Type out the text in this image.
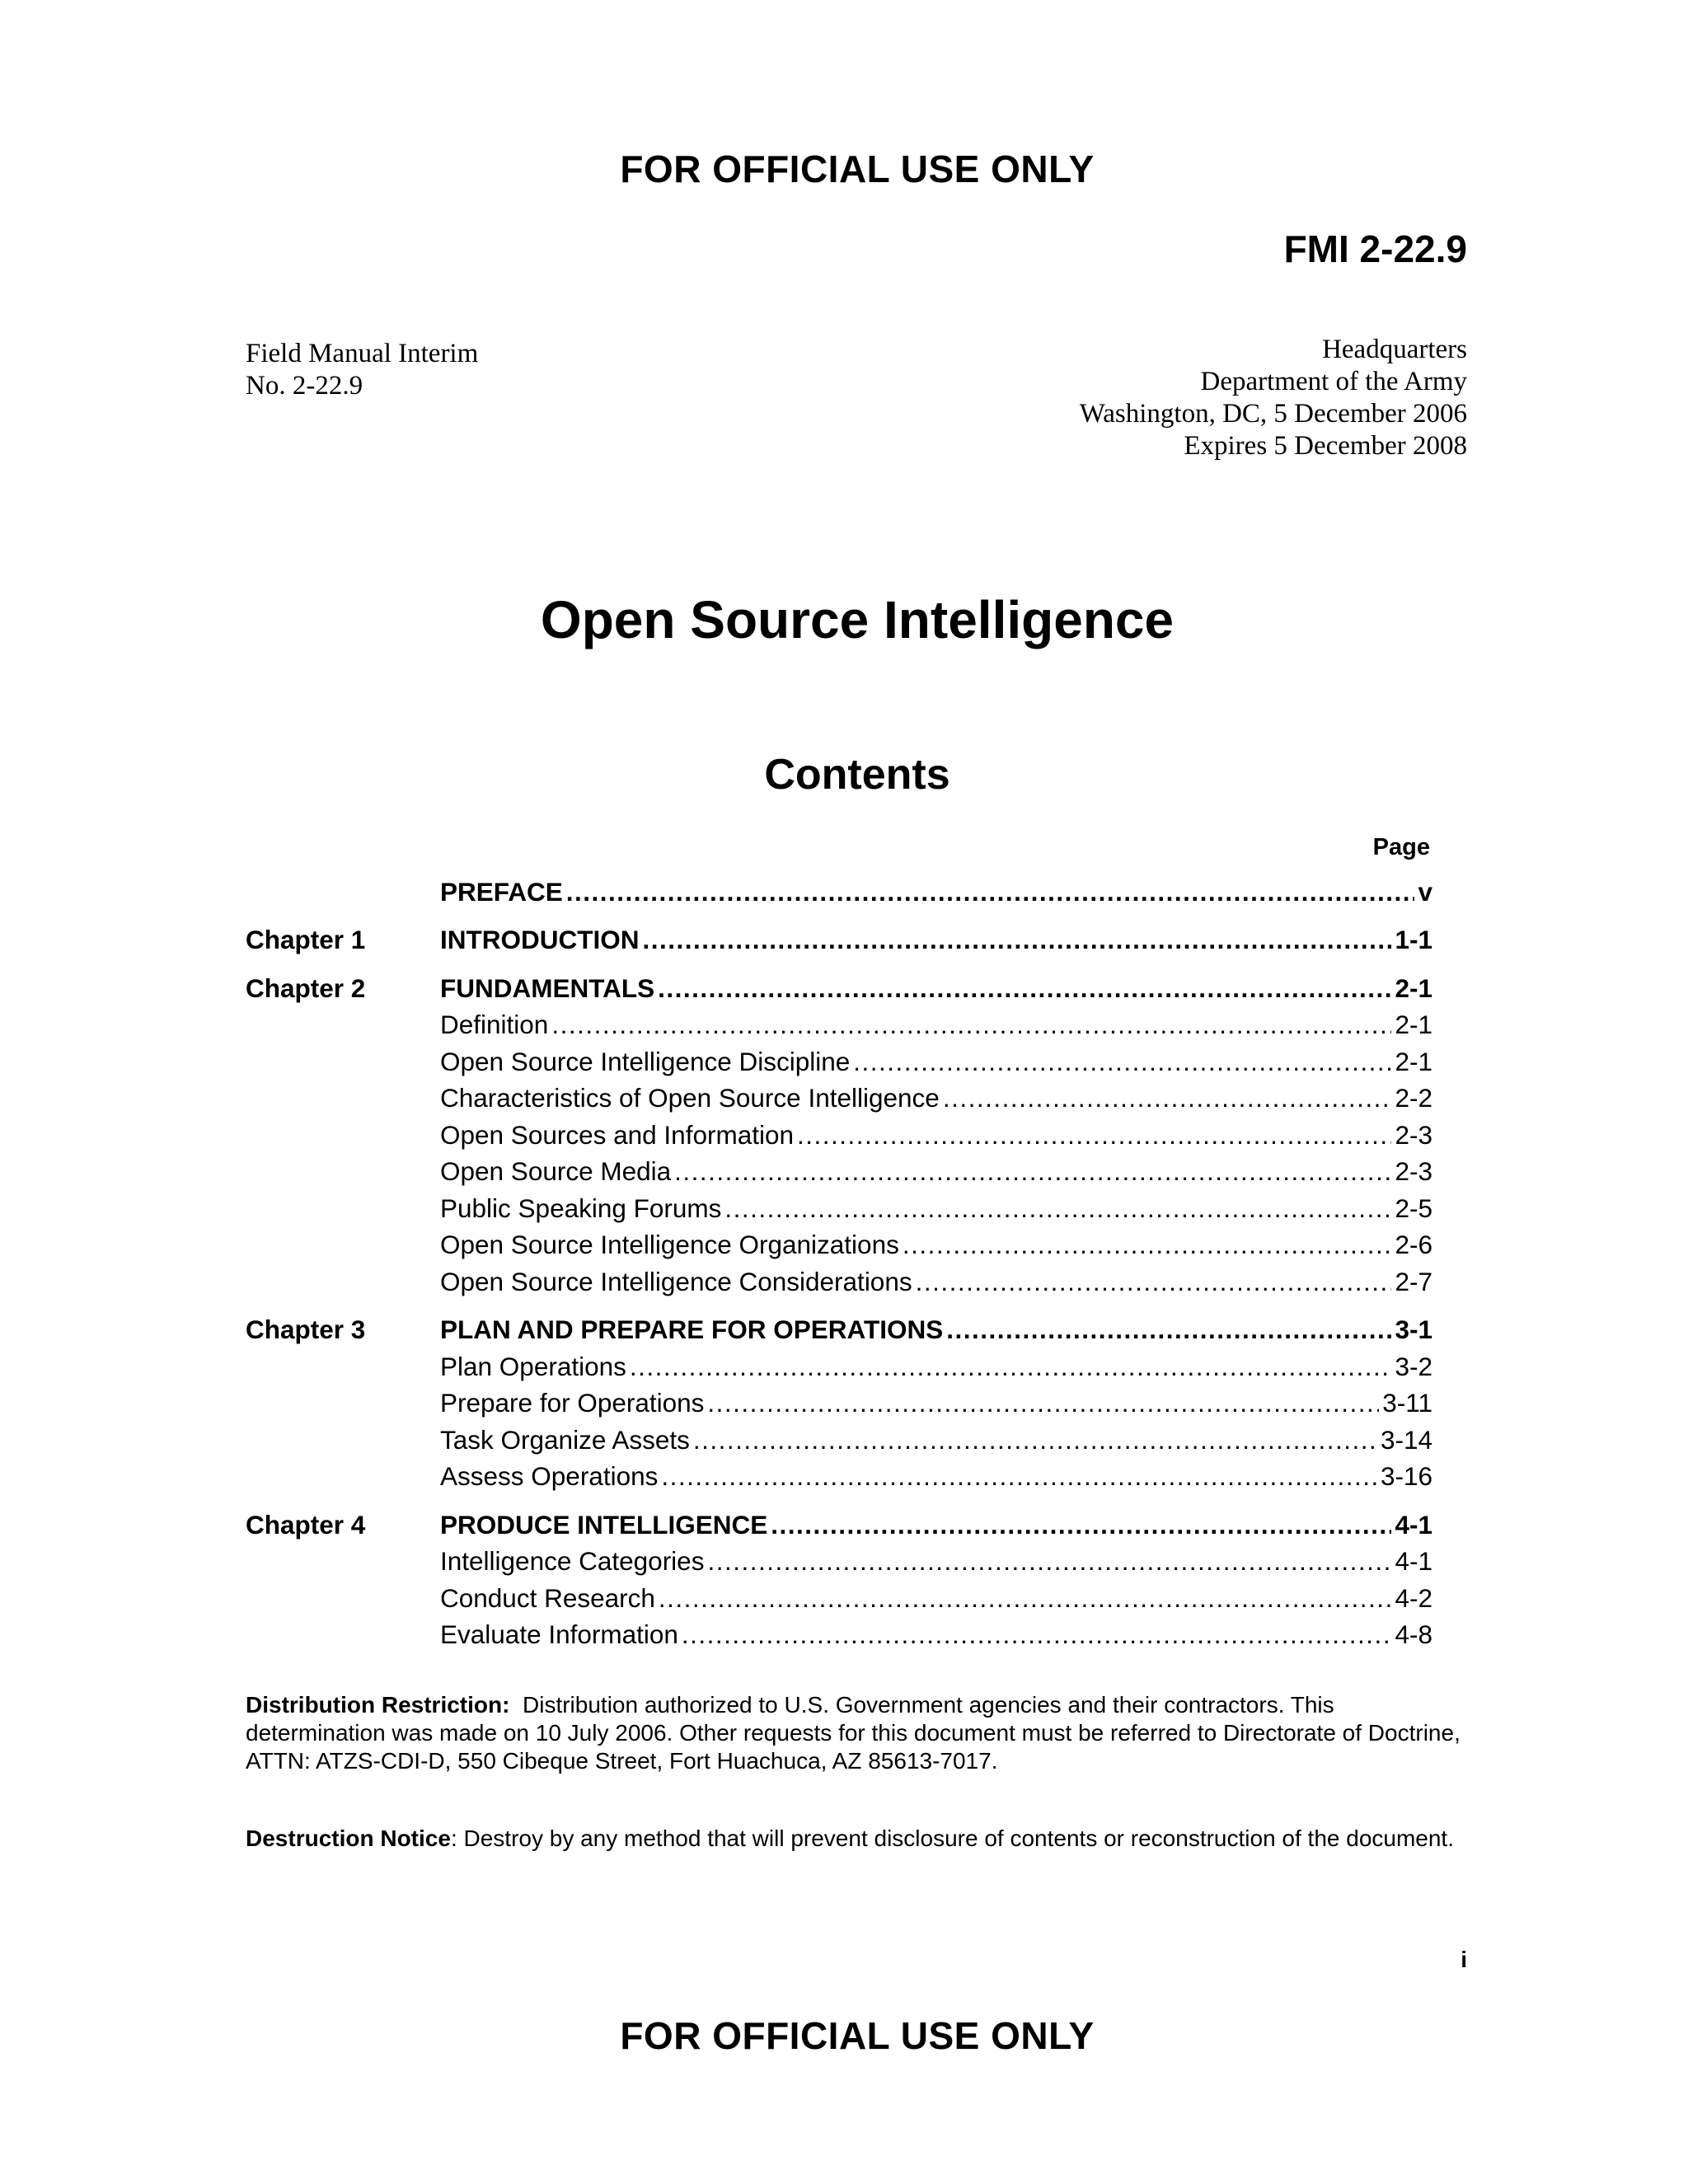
FOR OFFICIAL USE ONLY
FMI 2-22.9
Field Manual Interim
No. 2-22.9
Headquarters
Department of the Army
Washington, DC, 5 December 2006
Expires 5 December 2008
Open Source Intelligence
Contents
Page
PREFACE .....	v
Chapter 1	INTRODUCTION .....	1-1
Chapter 2	FUNDAMENTALS .....	2-1
Definition .....	2-1
Open Source Intelligence Discipline .....	2-1
Characteristics of Open Source Intelligence .....	2-2
Open Sources and Information .....	2-3
Open Source Media .....	2-3
Public Speaking Forums .....	2-5
Open Source Intelligence Organizations .....	2-6
Open Source Intelligence Considerations .....	2-7
Chapter 3	PLAN AND PREPARE FOR OPERATIONS .....	3-1
Plan Operations .....	3-2
Prepare for Operations .....	3-11
Task Organize Assets .....	3-14
Assess Operations .....	3-16
Chapter 4	PRODUCE INTELLIGENCE .....	4-1
Intelligence Categories .....	4-1
Conduct Research .....	4-2
Evaluate Information .....	4-8
Distribution Restriction: Distribution authorized to U.S. Government agencies and their contractors. This determination was made on 10 July 2006. Other requests for this document must be referred to Directorate of Doctrine, ATTN: ATZS-CDI-D, 550 Cibeque Street, Fort Huachuca, AZ 85613-7017.
Destruction Notice: Destroy by any method that will prevent disclosure of contents or reconstruction of the document.
i
FOR OFFICIAL USE ONLY
